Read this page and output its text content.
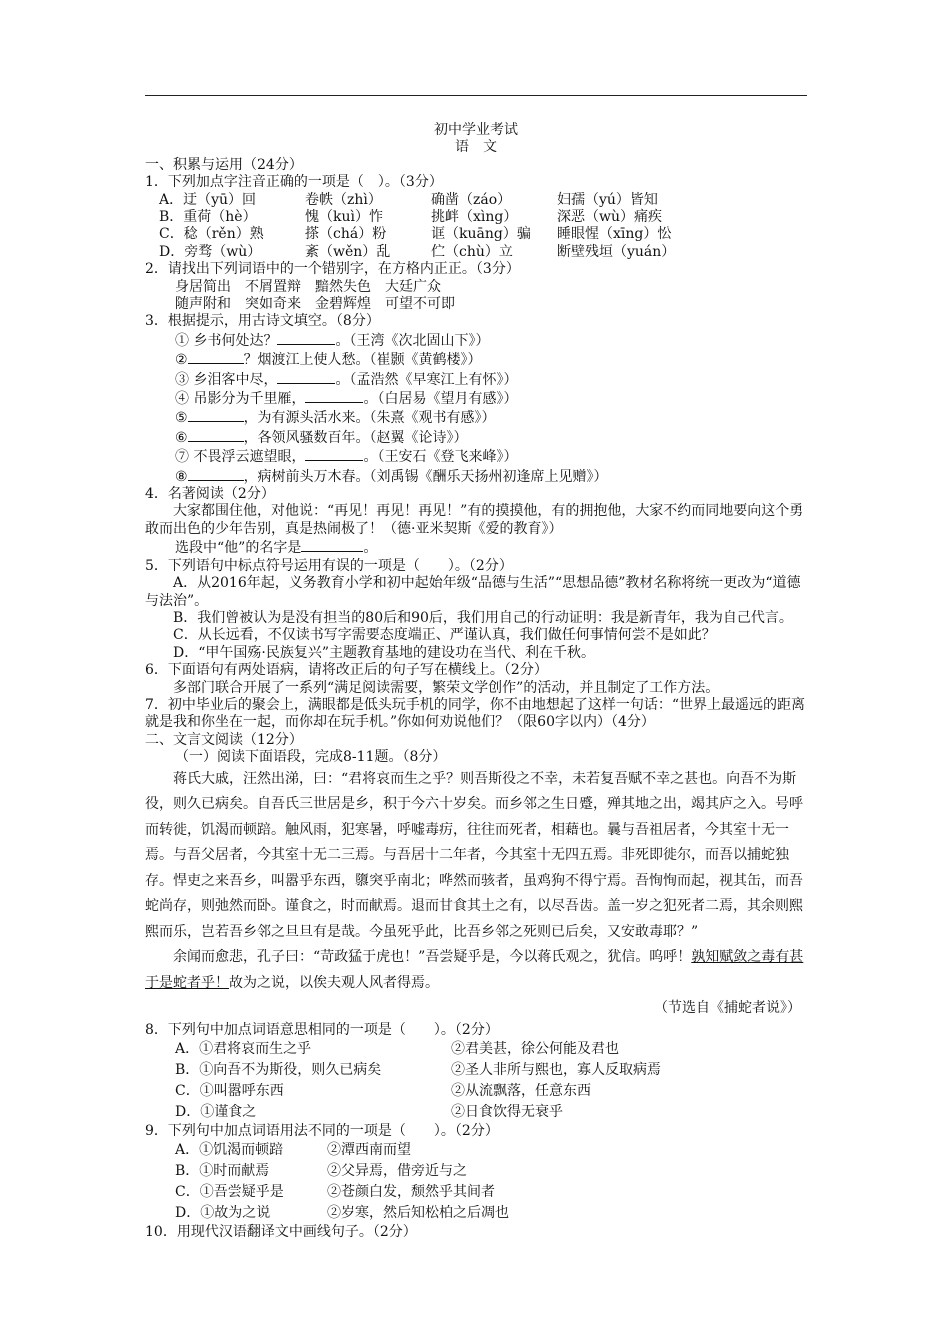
初中学业考试
语　文
一、积累与运用（24分）
1．下列加点字注音正确的一项是（　）。（3分）
A．迂（yū）回	卷帙（zhì）	确凿（záo）	妇孺（yú）皆知
B．重荷（hè）	愧（kuì）怍	挑衅（xìng）	深恶（wù）痛疾
C．稔（rěn）熟	搽（chá）粉	诓（kuāng）骗 睡眼惺（xīng）忪
D．旁骛（wù）	紊（wěn）乱	伫（chù）立	断壁残垣（yuán）
2．请找出下列词语中的一个错别字，在方格内正正。（3分）
身居简出　不屑置辩　黯然失色　大廷广众
随声附和　突如奇来　金碧辉煌　可望不可即
3．根据提示，用古诗文填空。（8分）
① 乡书何处达？	。（王湾《次北固山下》）
②	？烟渡江上使人愁。（崔颢《黄鹤楼》）
③ 乡泪客中尽，	。（孟浩然《早寒江上有怀》）
④ 吊影分为千里雁，	。（白居易《望月有感》）
⑤	，为有源头活水来。（朱熹《观书有感》）
⑥	，各领风骚数百年。（赵翼《论诗》）
⑦ 不畏浮云遮望眼，	。（王安石《登飞来峰》）
⑧	，病树前头万木春。（刘禹锡《酬乐天扬州初逢席上见赠》）
4．名著阅读（2分）
大家都围住他，对他说：“再见！再见！再见！”有的摸摸他，有的拥抱他，大家不约而同地要向这个勇敢而出色的少年告别，真是热闹极了！（德·亚米契斯《爱的教育》）
选段中“他”的名字是	。
5．下列语句中标点符号运用有误的一项是（　　）。（2分）
A．从2016年起，义务教育小学和初中起始年级“品德与生活”“思想品德”教材名称将统一更改为“道德与法治”。
B．我们曾被认为是没有担当的80后和90后，我们用自己的行动证明：我是新青年，我为自己代言。
C．从长远看，不仅读书写字需要态度端正、严谨认真，我们做任何事情何尝不是如此？
D．“甲午国殇·民族复兴”主题教育基地的建设功在当代、利在千秋。
6．下面语句有两处语病，请将改正后的句子写在横线上。（2分）
多部门联合开展了一系列“满足阅读需要，繁荣文学创作”的活动，并且制定了工作方法。
7．初中毕业后的聚会上，满眼都是低头玩手机的同学，你不由地想起了这样一句话：“世界上最遥远的距离就是我和你坐在一起，而你却在玩手机。”你如何劝说他们？（限60字以内）（4分）
二、文言文阅读（12分）
（一）阅读下面语段，完成8-11题。（8分）
蒋氏大戚，汪然出涕，曰：“君将哀而生之乎？则吾斯役之不幸，未若复吾赋不幸之甚也。向吾不为斯役，则久已病矣。自吾氏三世居是乡，积于今六十岁矣。而乡邻之生日蹙，殚其地之出，竭其庐之入。号呼而转徙，饥渴而顿踣。触风雨，犯寒暑，呼嘘毒疠，往往而死者，相藉也。曩与吾祖居者，今其室十无一焉。与吾父居者，今其室十无二三焉。与吾居十二年者，今其室十无四五焉。非死即徙尔，而吾以捕蛇独存。悍吏之来吾乡，叫嚣乎东西，隳突乎南北；哗然而骇者，虽鸡狗不得宁焉。吾恂恂而起，视其缶，而吾蛇尚存，则弛然而卧。谨食之，时而献焉。退而甘食其土之有，以尽吾齿。盖一岁之犯死者二焉，其余则熙熙而乐，岂若吾乡邻之旦旦有是哉。今虽死乎此，比吾乡邻之死则已后矣，又安敢毒耶？”
余闻而愈悲，孔子曰：“苛政猛于虎也！”吾尝疑乎是，今以蒋氏观之，犹信。呜呼！孰知赋敛之毒有甚于是蛇者乎！故为之说，以俟夫观人风者得焉。
（节选自《捕蛇者说》）
8．下列句中加点词语意思相同的一项是（　　）。（2分）
A．①君将哀而生之乎	②君美甚，徐公何能及君也
B．①向吾不为斯役，则久已病矣	②圣人非所与熙也，寡人反取病焉
C．①叫嚣呼东西	②从流飘落，任意东西
D．①谨食之	②日食饮得无衰乎
9．下列句中加点词语用法不同的一项是（　　）。（2分）
A．①饥渴而顿踣	②潭西南而望
B．①时而献焉	②父异焉，借旁近与之
C．①吾尝疑乎是	②苍颜白发，颓然乎其间者
D．①故为之说	②岁寒，然后知松柏之后凋也
10．用现代汉语翻译文中画线句子。（2分）
